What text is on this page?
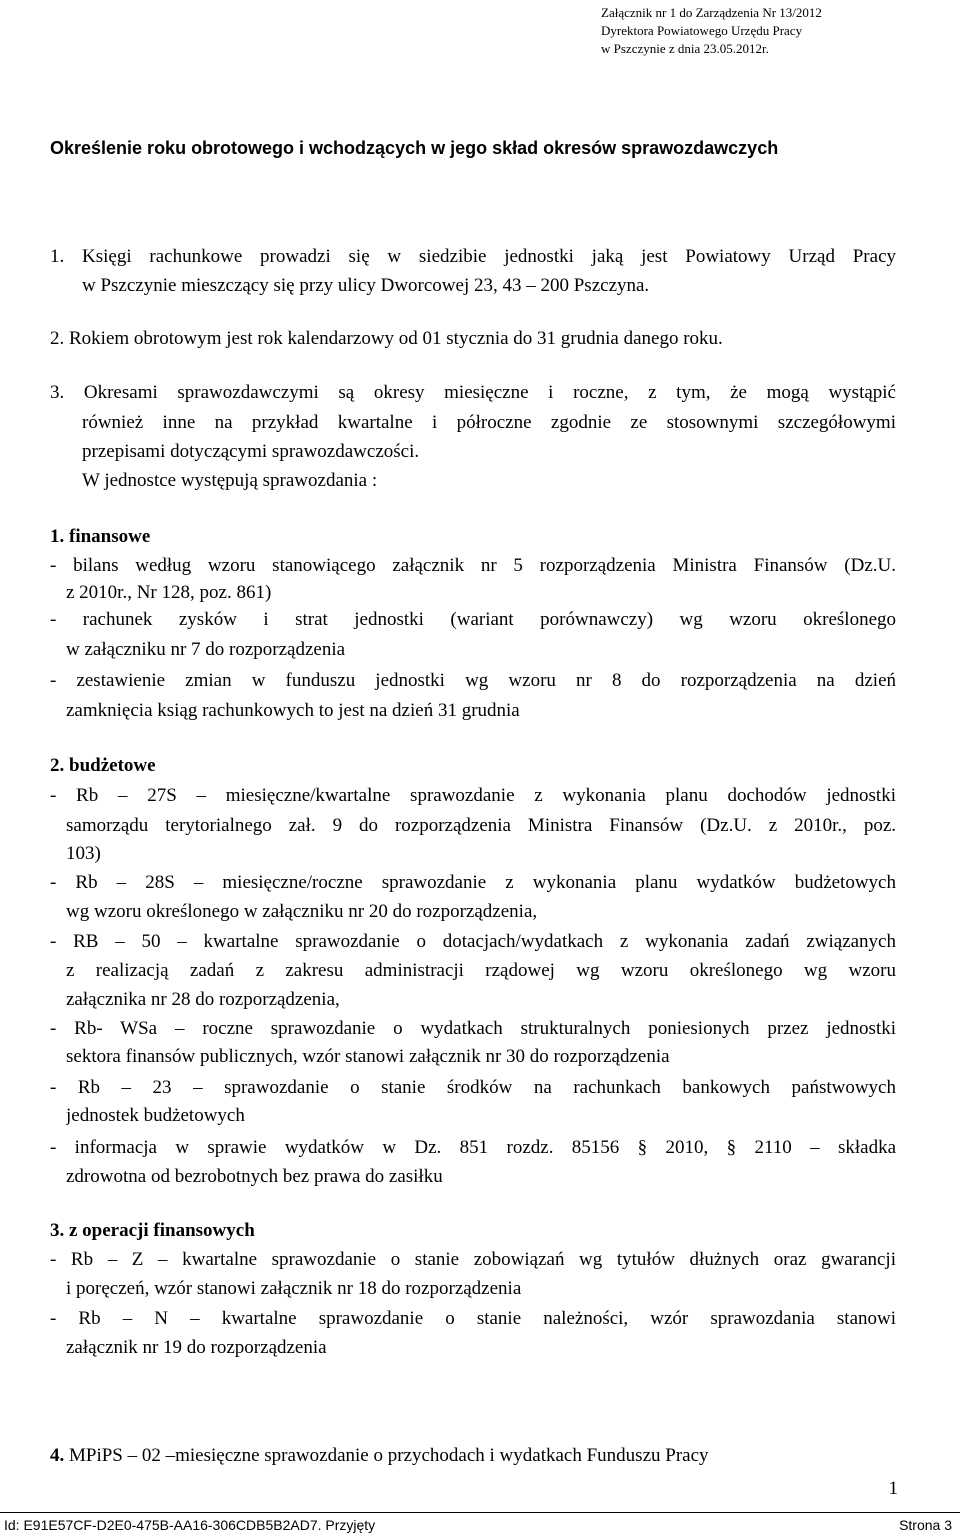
Załącznik nr 1 do Zarządzenia Nr 13/2012
Dyrektora Powiatowego Urzędu Pracy
w Pszczynie z dnia 23.05.2012r.
Określenie roku obrotowego i wchodzących w jego skład okresów sprawozdawczych
1. Księgi rachunkowe prowadzi się w siedzibie jednostki jaką jest Powiatowy Urząd Pracy
w Pszczynie mieszczący się przy ulicy Dworcowej 23, 43 – 200 Pszczyna.
2. Rokiem obrotowym jest rok kalendarzowy od 01 stycznia do 31 grudnia danego roku.
3. Okresami sprawozdawczymi są okresy miesięczne i roczne, z tym, że mogą wystąpić
również inne na przykład kwartalne i półroczne zgodnie ze stosownymi szczegółowymi
przepisami dotyczącymi sprawozdawczości.
W jednostce występują sprawozdania :
1. finansowe
- bilans według wzoru stanowiącego załącznik nr 5 rozporządzenia Ministra Finansów (Dz.U.
z 2010r., Nr 128, poz. 861)
- rachunek zysków i strat jednostki (wariant porównawczy) wg wzoru określonego
w załączniku nr 7 do rozporządzenia
- zestawienie zmian w funduszu jednostki wg wzoru nr 8 do rozporządzenia na dzień
zamknięcia ksiąg rachunkowych to jest na dzień 31 grudnia
2. budżetowe
- Rb – 27S – miesięczne/kwartalne sprawozdanie z wykonania planu dochodów jednostki
samorządu terytorialnego zał. 9 do rozporządzenia Ministra Finansów (Dz.U. z 2010r., poz.
103)
- Rb – 28S – miesięczne/roczne sprawozdanie z wykonania planu wydatków budżetowych
wg wzoru określonego w załączniku nr 20 do rozporządzenia,
- RB – 50 – kwartalne sprawozdanie o dotacjach/wydatkach z wykonania zadań związanych
z realizacją zadań z zakresu administracji rządowej wg wzoru określonego wg wzoru
załącznika nr 28 do rozporządzenia,
- Rb- WSa – roczne sprawozdanie o wydatkach strukturalnych poniesionych przez jednostki
sektora finansów publicznych, wzór stanowi załącznik nr 30 do rozporządzenia
- Rb – 23 – sprawozdanie o stanie środków na rachunkach bankowych państwowych
jednostek budżetowych
- informacja w sprawie wydatków w Dz. 851 rozdz. 85156 § 2010, § 2110 – składka
zdrowotna od bezrobotnych bez prawa do zasiłku
3. z operacji finansowych
- Rb – Z – kwartalne sprawozdanie o stanie zobowiązań wg tytułów dłużnych oraz gwarancji
i poręczeń, wzór stanowi załącznik nr 18 do rozporządzenia
- Rb – N – kwartalne sprawozdanie o stanie należności, wzór sprawozdania stanowi
załącznik nr 19 do rozporządzenia
4. MPiPS – 02 –miesięczne sprawozdanie o przychodach i wydatkach Funduszu Pracy
1
Id: E91E57CF-D2E0-475B-AA16-306CDB5B2AD7. Przyjęty	Strona 3
